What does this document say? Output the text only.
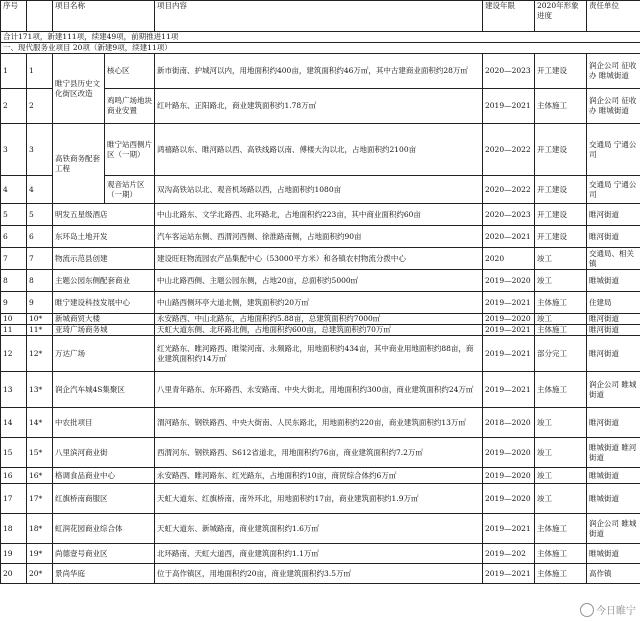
序号		项目名称		项目内容	建设年限	2020年形象进度	责任单位
合计171项，新建111项，续建49项，前期推进11项							
一、现代服务业项目 20项（新建9项，续建11项）							
1	1	睢宁县历史文化街区改造	核心区	新市街南、护城河以内，用地面积约400亩，建筑面积约46万㎡，其中古建商业面积约28万㎡	2020—2023	开工建设	润企公司 征收办 睢城街道
2	2		鸡鸣广场地块商业安置	红叶路东、正阳路北，商业建筑面积约1.78万㎡	2019—2021	主体施工	润企公司 征收办 睢城街道
3	3	高铁商务配套工程	睢宁站西侧片区（一期）	鸿禧路以东、睢河路以西、高铁线路以南、傅楼大沟以北，占地面积约2100亩	2020—2022	开工建设	交通局 宁通公司
4	4		观音站片区（一期）	双沟高铁站以北、观音机场路以西，占地面积约1080亩	2020—2022	开工建设	交通局 宁通公司
5	5	明发五星级酒店		中山北路东、文学北路西、北环路北，占地面积约223亩，其中商业面积约60亩	2020—2023	开工建设	睢河街道
6	6	东环岛土地开发		汽车客运站东侧、西渭河西侧、徐淮路南侧，占地面积约90亩	2020—2021	开工建设	睢河街道
7	7	物流示范县创建		建设旺旺物流园农产品集配中心（53000平方米）和各镇农村物流分拨中心	2020	竣工	交通局、相关镇
8	8	主题公园东侧配套商业		中山北路西侧、主题公园东侧，占地20亩，总面积约5000㎡	2019—2020	竣工	睢城街道
9	9	睢宁建设科技发展中心		中山路西侧环亭大道北侧，建筑面积约20万㎡	2019—2021	主体施工	住建局
10	10*	新城商贸大楼		永安路西、中山北路东，占地面积约5.88亩，总建筑面积约7000㎡	2019—2020	竣工	睢河街道
11	11*	亚琦广场商务城		天虹大道东侧、北环路北侧，占地面积约600亩，总建筑面积约70万㎡	2019—2021	主体施工	睢河街道
12	12*	万达广场		红光路东、睢河路西、睢梁河南、永频路北，用地面积约434亩，其中商业用地面积约88亩，商业建筑面积约14万㎡	2019—2021	部分完工	睢河街道
13	13*	润企汽车城4S集聚区		八里青年路东、东环路西、永安路南、中央大街北，用地面积约300亩，商业建筑面积约24万㎡	2019—2021	主体施工	润企公司 睢城街道
14	14*	中农批项目		渭河路东、钢铁路西、中央大街南、人民东路北，用地面积约220亩，商业建筑面积约13万㎡	2018—2020	竣工	睢河街道
15	15*	八里滨河商业街		西渭河东、钢铁路西、S612省道北，用地面积约76亩，商业建筑面积约7.2万㎡	2019—2020	竣工	睢城街道 睢河街道
16	16*	格调食品商业中心		永安路西、睢河路东、红光路东，占地面积约10亩，商贸综合体约6万㎡	2019—2020	竣工	睢城街道
17	17*	红旗桥南商服区		天虹大道东、红旗桥南、南外环北，用地面积约17亩，商业建筑面积约1.9万㎡	2019—2020	竣工	睢城街道
18	18*	虹润花园商业综合体		天虹大道东、新城路南，商业建筑面积约1.6万㎡	2019—2021	主体施工	润企公司 睢城街道
19	19*	尚德壹号商业区		北环路南、天虹大道西，商业建筑面积约1.1万㎡	2019—202	主体施工	睢城街道
20	20*	景尚华庭		位于高作镇区，用地面积约20亩，商业建筑面积约3.5万㎡	2019—2021	主体施工	高作镇
今日睢宁
